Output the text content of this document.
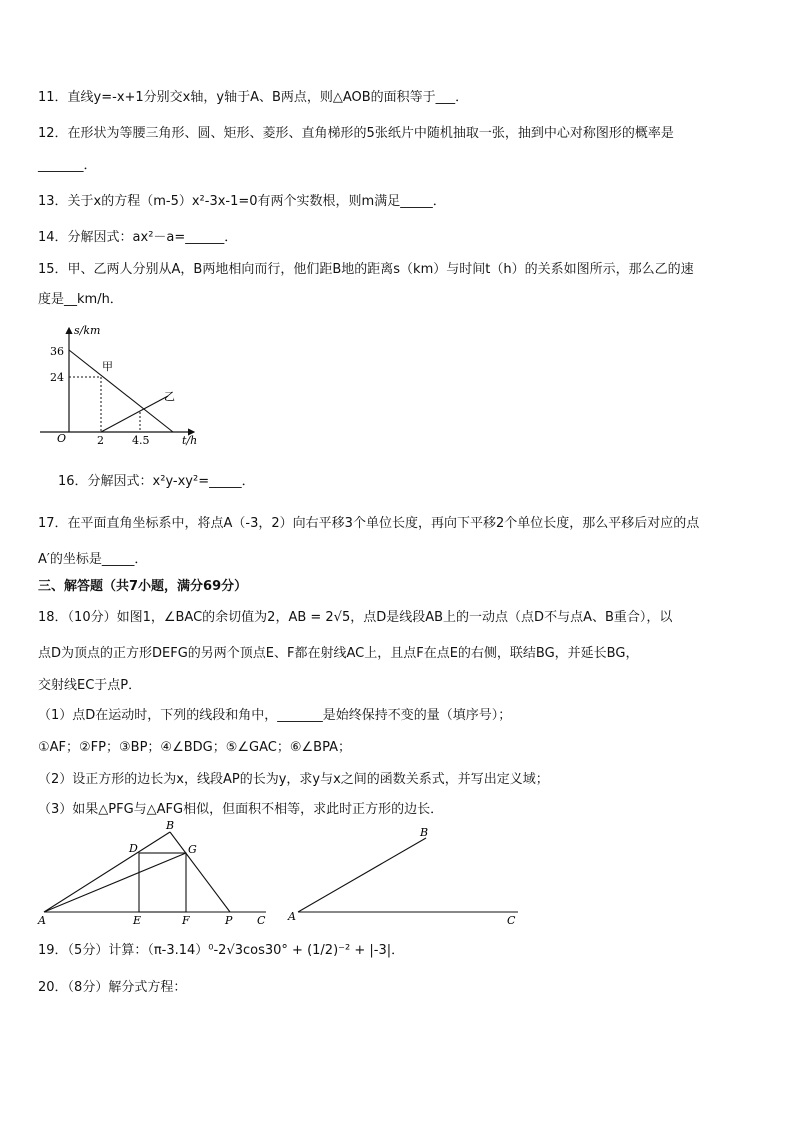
11．直线y=-x+1分别交x轴，y轴于A、B两点，则△AOB的面积等于___．
12．在形状为等腰三角形、圆、矩形、菱形、直角梯形的5张纸片中随机抽取一张，抽到中心对称图形的概率是
_______．
13．关于x的方程（m-5）x²-3x-1=0有两个实数根，则m满足_____．
14．分解因式：ax²－a=______．
15．甲、乙两人分别从A，B两地相向而行，他们距B地的距离s（km）与时间t（h）的关系如图所示，那么乙的速
度是__km/h．
s/km
t/h
O
36
24
2	4.5
甲
乙
16．分解因式：x²y-xy²=_____．
17．在平面直角坐标系中，将点A（-3，2）向右平移3个单位长度，再向下平移2个单位长度，那么平移后对应的点
A′的坐标是_____．
三、解答题（共7小题，满分69分）
18．（10分）如图1，∠BAC的余切值为2，AB = 2√5，点D是线段AB上的一动点（点D不与点A、B重合），以
点D为顶点的正方形DEFG的另两个顶点E、F都在射线AC上，且点F在点E的右侧，联结BG，并延长BG，
交射线EC于点P．
（1）点D在运动时，下列的线段和角中，_______是始终保持不变的量（填序号）；
①AF；②FP；③BP；④∠BDG；⑤∠GAC；⑥∠BPA；
（2）设正方形的边长为x，线段AP的长为y，求y与x之间的函数关系式，并写出定义域；
（3）如果△PFG与△AFG相似，但面积不相等，求此时正方形的边长．
A
B
C
D
E	F
G
P	A
B
C
19．（5分）计算：（π-3.14）⁰-2√3cos30° + (1/2)⁻² + |-3|．
20．（8分）解分式方程：
